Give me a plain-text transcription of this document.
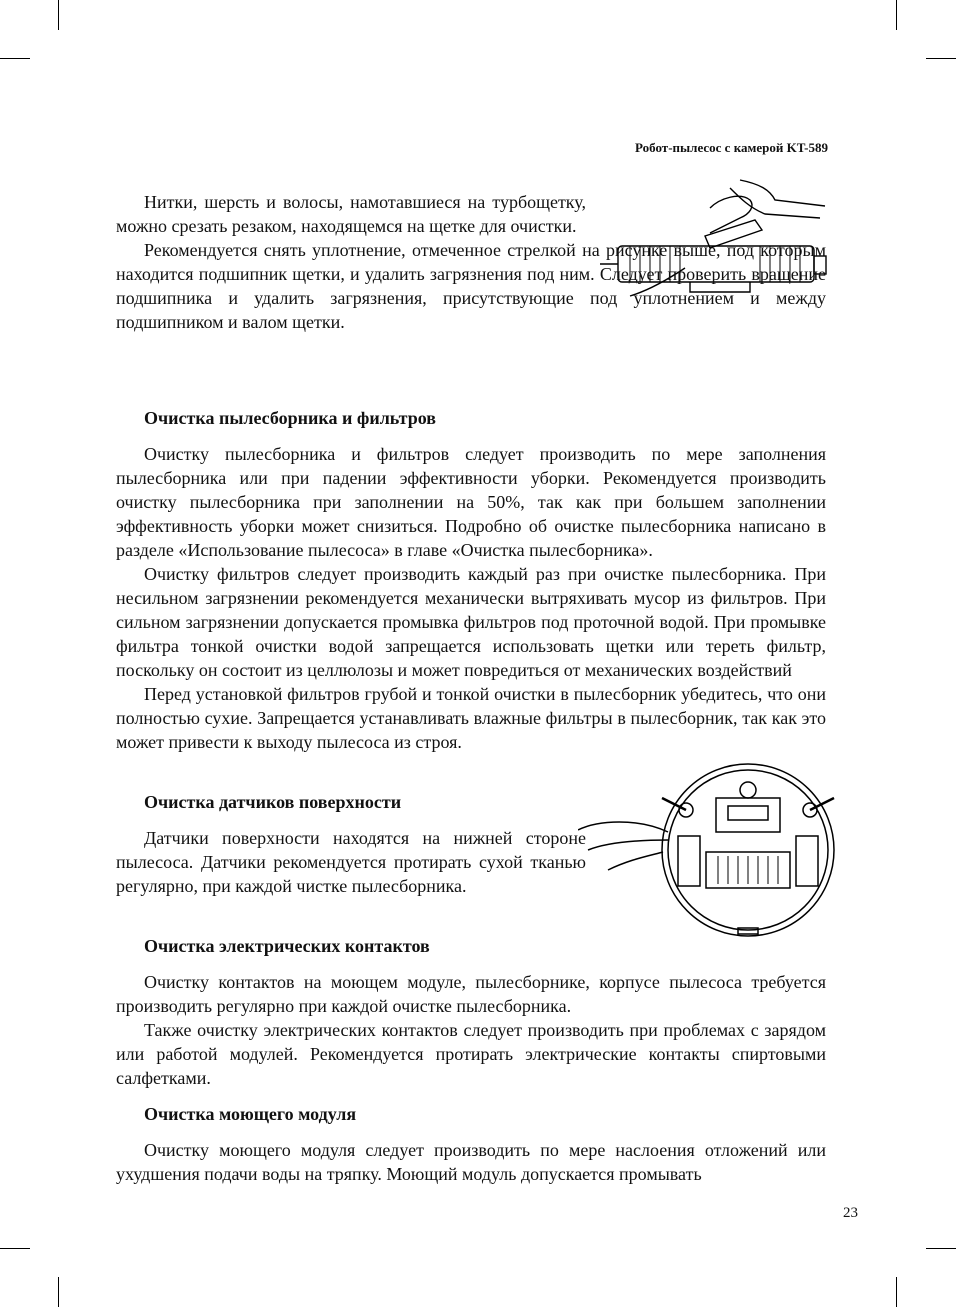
Робот-пылесос с камерой KT-589

Нитки, шерсть и волосы, намотавшиеся на турбощетку, можно срезать резаком, находящемся на щетке для очистки.

Рекомендуется снять уплотнение, отмеченное стрелкой на рисунке выше, под которым находится подшипник щетки, и удалить загрязнения под ним. Следует проверить вращение подшипника и удалить загрязнения, присутствующие под уплотнением и между подшипником и валом щетки.

Очистка пылесборника и фильтров

Очистку пылесборника и фильтров следует производить по мере заполнения пылесборника или при падении эффективности уборки. Рекомендуется производить очистку пылесборника при заполнении на 50%, так как при большем заполнении эффективность уборки может снизиться. Подробно об очистке пылесборника написано в разделе «Использование пылесоса» в главе «Очистка пылесборника».

Очистку фильтров следует производить каждый раз при очистке пылесборника. При несильном загрязнении рекомендуется механически вытряхивать мусор из фильтров. При сильном загрязнении допускается промывка фильтров под проточной водой. При промывке фильтра тонкой очистки водой запрещается использовать щетки или тереть фильтр, поскольку он состоит из целлюлозы и может повредиться от механических воздействий

Перед установкой фильтров грубой и тонкой очистки в пылесборник убедитесь, что они полностью сухие. Запрещается устанавливать влажные фильтры в пылесборник, так как это может привести к выходу пылесоса из строя.

Очистка датчиков поверхности

Датчики поверхности находятся на нижней стороне пылесоса. Датчики рекомендуется протирать сухой тканью регулярно, при каждой чистке пылесборника.

Очистка электрических контактов

Очистку контактов на моющем модуле, пылесборнике, корпусе пылесоса требуется производить регулярно при каждой очистке пылесборника.

Также очистку электрических контактов следует производить при проблемах с зарядом или работой модулей. Рекомендуется протирать электрические контакты спиртовыми салфетками.

Очистка моющего модуля

Очистку моющего модуля следует производить по мере наслоения отложений или ухудшения подачи воды на тряпку. Моющий модуль допускается промывать

23
